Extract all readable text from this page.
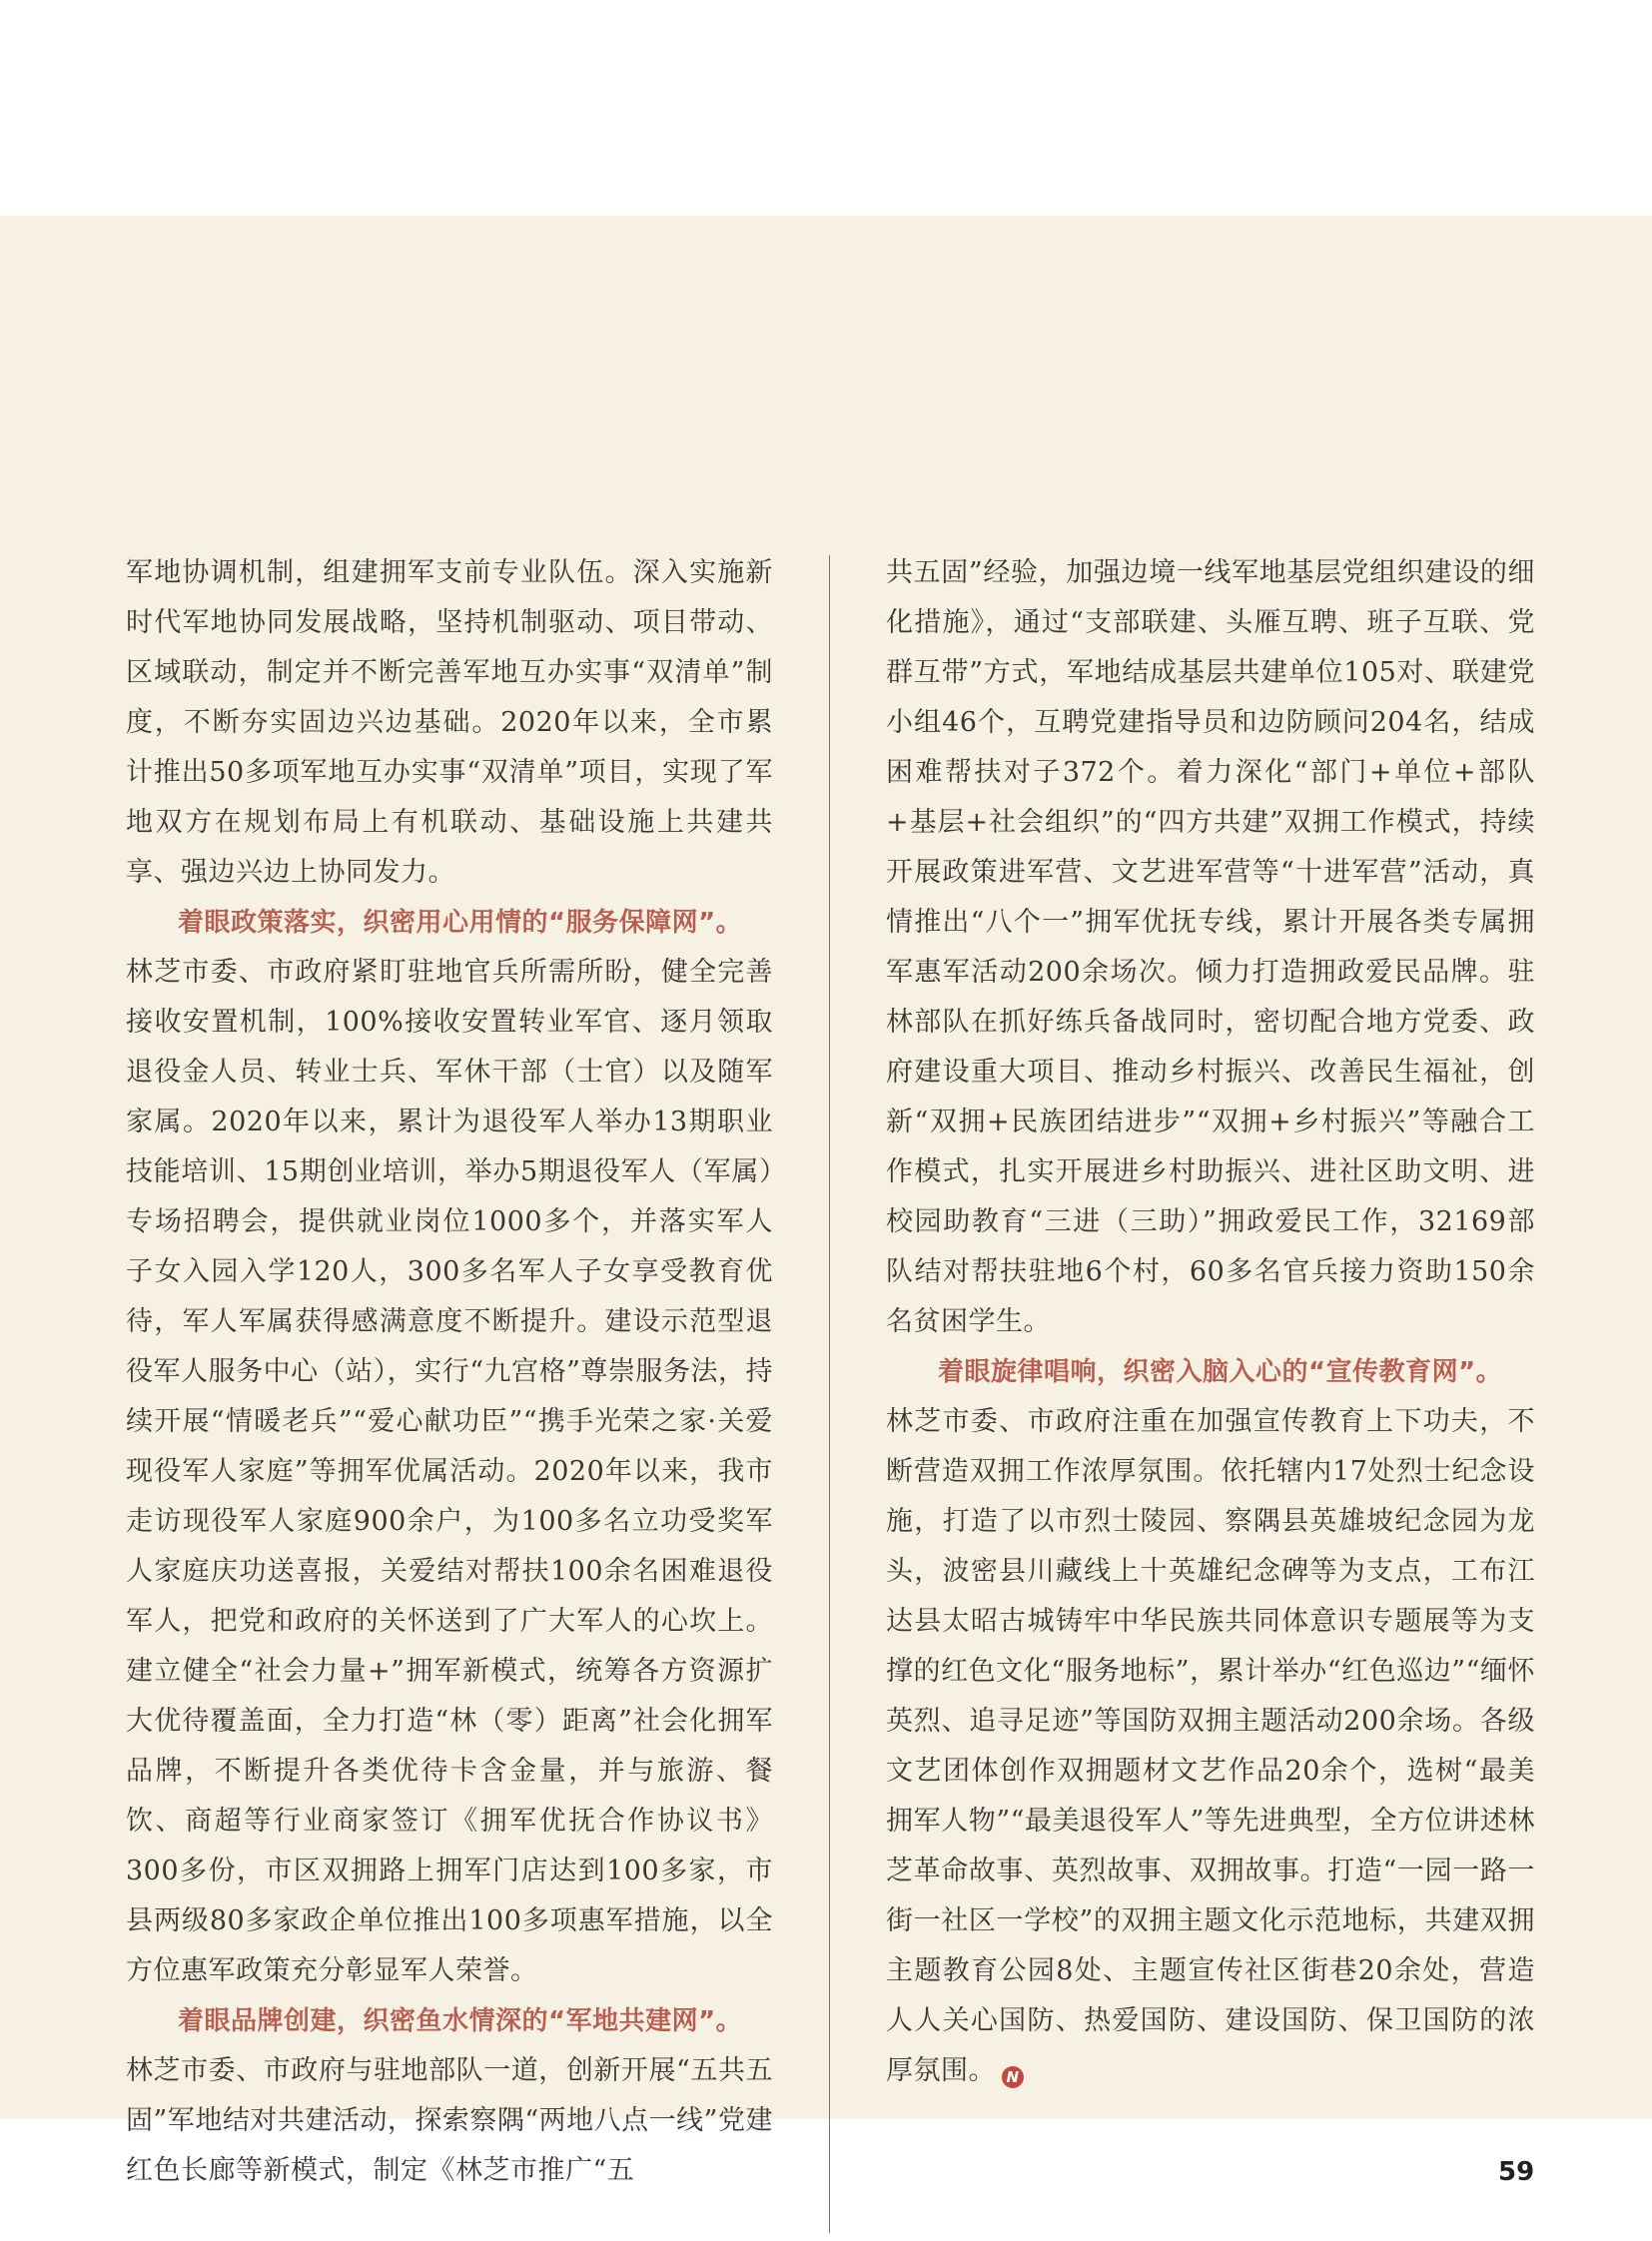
军地协调机制，组建拥军支前专业队伍。深入实施新时代军地协同发展战略，坚持机制驱动、项目带动、区域联动，制定并不断完善军地互办实事“双清单”制度，不断夯实固边兴边基础。2020年以来，全市累计推出50多项军地互办实事“双清单”项目，实现了军地双方在规划布局上有机联动、基础设施上共建共享、强边兴边上协同发力。

着眼政策落实，织密用心用情的“服务保障网”。

林芝市委、市政府紧盯驻地官兵所需所盼，健全完善接收安置机制，100%接收安置转业军官、逐月领取退役金人员、转业士兵、军休干部（士官）以及随军家属。2020年以来，累计为退役军人举办13期职业技能培训、15期创业培训，举办5期退役军人（军属）专场招聘会，提供就业岗位1000多个，并落实军人子女入园入学120人，300多名军人子女享受教育优待，军人军属获得感满意度不断提升。建设示范型退役军人服务中心（站），实行“九宫格”尊崇服务法，持续开展“情暖老兵”“爱心献功臣”“携手光荣之家·关爱现役军人家庭”等拥军优属活动。2020年以来，我市走访现役军人家庭900余户，为100多名立功受奖军人家庭庆功送喜报，关爱结对帮扶100余名困难退役军人，把党和政府的关怀送到了广大军人的心坎上。建立健全“社会力量+”拥军新模式，统筹各方资源扩大优待覆盖面，全力打造“林（零）距离”社会化拥军品牌，不断提升各类优待卡含金量，并与旅游、餐饮、商超等行业商家签订《拥军优抚合作协议书》300多份，市区双拥路上拥军门店达到100多家，市县两级80多家政企单位推出100多项惠军措施，以全方位惠军政策充分彰显军人荣誉。

着眼品牌创建，织密鱼水情深的“军地共建网”。

林芝市委、市政府与驻地部队一道，创新开展“五共五固”军地结对共建活动，探索察隅“两地八点一线”党建红色长廊等新模式，制定《林芝市推广“五

共五固”经验，加强边境一线军地基层党组织建设的细化措施》，通过“支部联建、头雁互聘、班子互联、党群互带”方式，军地结成基层共建单位105对、联建党小组46个，互聘党建指导员和边防顾问204名，结成困难帮扶对子372个。着力深化“部门+单位+部队+基层+社会组织”的“四方共建”双拥工作模式，持续开展政策进军营、文艺进军营等“十进军营”活动，真情推出“八个一”拥军优抚专线，累计开展各类专属拥军惠军活动200余场次。倾力打造拥政爱民品牌。驻林部队在抓好练兵备战同时，密切配合地方党委、政府建设重大项目、推动乡村振兴、改善民生福祉，创新“双拥+民族团结进步”“双拥+乡村振兴”等融合工作模式，扎实开展进乡村助振兴、进社区助文明、进校园助教育“三进（三助）”拥政爱民工作，32169部队结对帮扶驻地6个村，60多名官兵接力资助150余名贫困学生。

着眼旋律唱响，织密入脑入心的“宣传教育网”。

林芝市委、市政府注重在加强宣传教育上下功夫，不断营造双拥工作浓厚氛围。依托辖内17处烈士纪念设施，打造了以市烈士陵园、察隅县英雄坡纪念园为龙头，波密县川藏线上十英雄纪念碑等为支点，工布江达县太昭古城铸牢中华民族共同体意识专题展等为支撑的红色文化“服务地标”，累计举办“红色巡边”“缅怀英烈、追寻足迹”等国防双拥主题活动200余场。各级文艺团体创作双拥题材文艺作品20余个，选树“最美拥军人物”“最美退役军人”等先进典型，全方位讲述林芝革命故事、英烈故事、双拥故事。打造“一园一路一街一社区一学校”的双拥主题文化示范地标，共建双拥主题教育公园8处、主题宣传社区街巷20余处，营造人人关心国防、热爱国防、建设国防、保卫国防的浓厚氛围。 N

59
